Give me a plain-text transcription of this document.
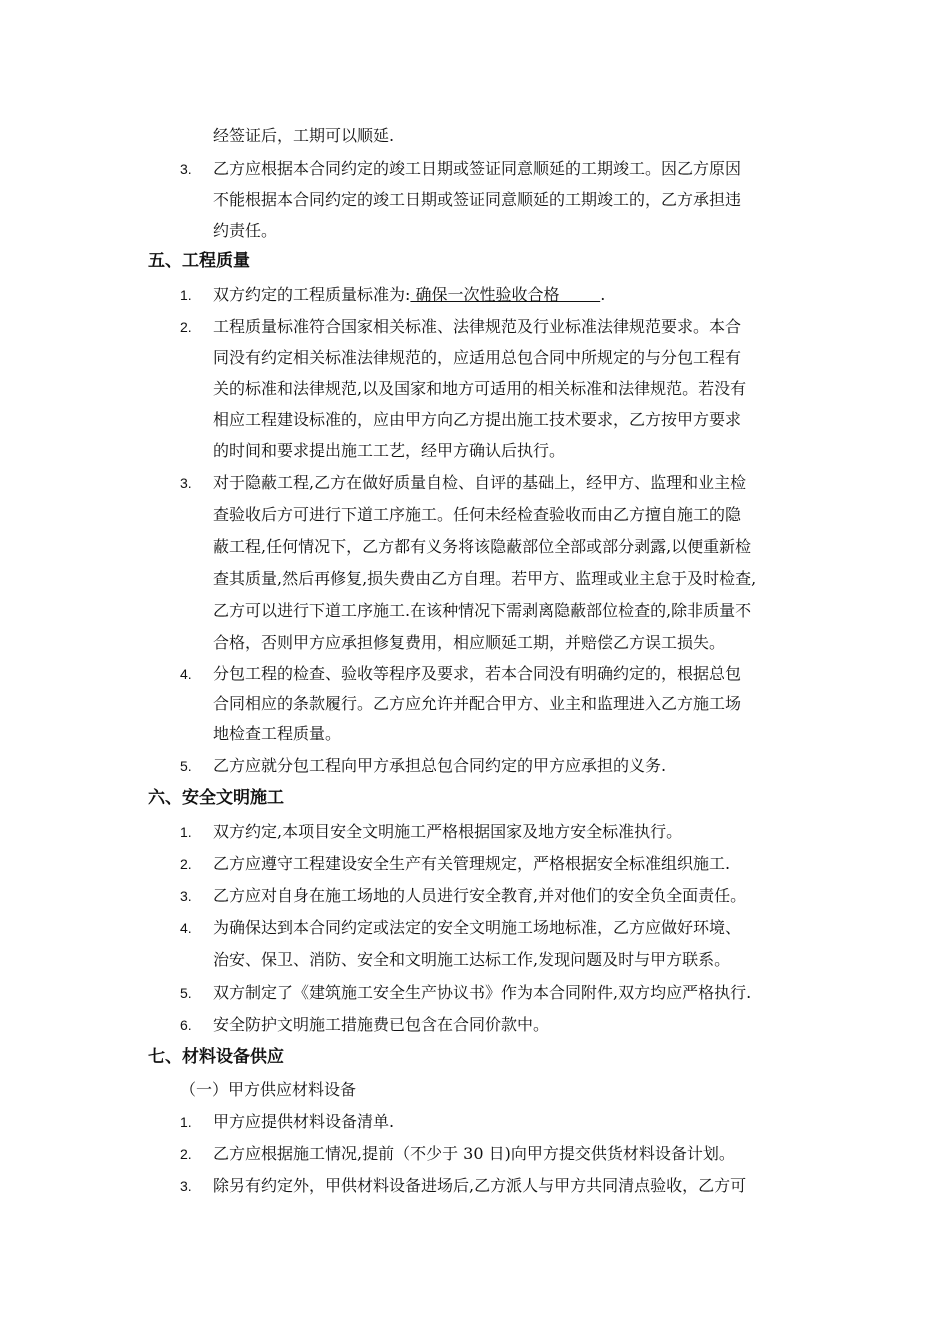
经签证后，工期可以顺延.
3.	乙方应根据本合同约定的竣工日期或签证同意顺延的工期竣工。因乙方原因
不能根据本合同约定的竣工日期或签证同意顺延的工期竣工的，乙方承担违
约责任。
五、工程质量
1.	双方约定的工程质量标准为: 确保一次性验收合格        .
2.	工程质量标准符合国家相关标准、法律规范及行业标准法律规范要求。本合
同没有约定相关标准法律规范的，应适用总包合同中所规定的与分包工程有
关的标准和法律规范,以及国家和地方可适用的相关标准和法律规范。若没有
相应工程建设标准的，应由甲方向乙方提出施工技术要求，乙方按甲方要求
的时间和要求提出施工工艺，经甲方确认后执行。
3.	对于隐蔽工程,乙方在做好质量自检、自评的基础上，经甲方、监理和业主检
查验收后方可进行下道工序施工。任何未经检查验收而由乙方擅自施工的隐
蔽工程,任何情况下，乙方都有义务将该隐蔽部位全部或部分剥露,以便重新检
查其质量,然后再修复,损失费由乙方自理。若甲方、监理或业主怠于及时检查,
乙方可以进行下道工序施工.在该种情况下需剥离隐蔽部位检查的,除非质量不
合格，否则甲方应承担修复费用，相应顺延工期，并赔偿乙方误工损失。
4.	分包工程的检查、验收等程序及要求，若本合同没有明确约定的，根据总包
合同相应的条款履行。乙方应允许并配合甲方、业主和监理进入乙方施工场
地检查工程质量。
5.	乙方应就分包工程向甲方承担总包合同约定的甲方应承担的义务.
六、安全文明施工
1.	双方约定,本项目安全文明施工严格根据国家及地方安全标准执行。
2.	乙方应遵守工程建设安全生产有关管理规定，严格根据安全标准组织施工.
3.	乙方应对自身在施工场地的人员进行安全教育,并对他们的安全负全面责任。
4.	为确保达到本合同约定或法定的安全文明施工场地标准，乙方应做好环境、
治安、保卫、消防、安全和文明施工达标工作,发现问题及时与甲方联系。
5.	双方制定了《建筑施工安全生产协议书》作为本合同附件,双方均应严格执行.
6.	安全防护文明施工措施费已包含在合同价款中。
七、材料设备供应
（一）甲方供应材料设备
1.	甲方应提供材料设备清单.
2.	乙方应根据施工情况,提前（不少于 30 日)向甲方提交供货材料设备计划。
3.	除另有约定外，甲供材料设备进场后,乙方派人与甲方共同清点验收，乙方可
